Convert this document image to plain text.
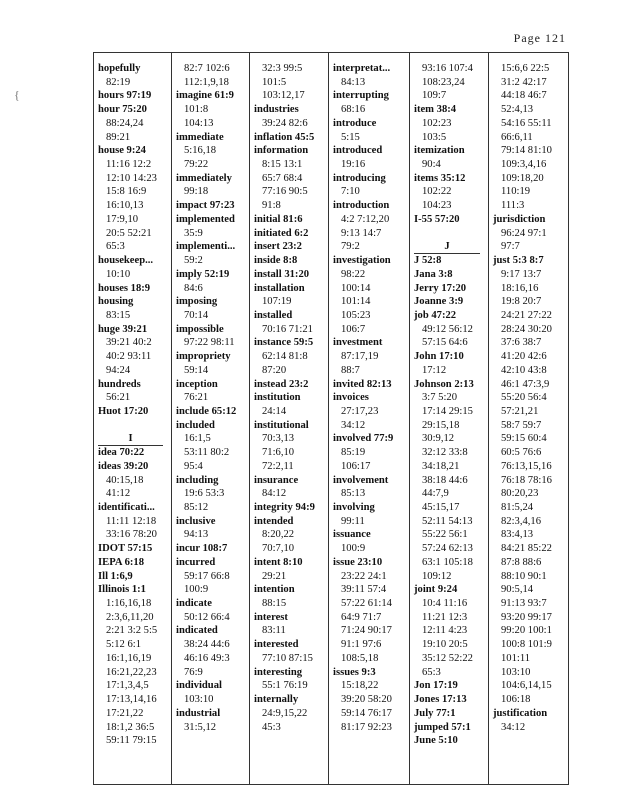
Page 121
{
hopefully
82:19
hours 97:19
hour 75:20
88:24,24
89:21
house 9:24
11:16 12:2
12:10 14:23
15:8 16:9
16:10,13
17:9,10
20:5 52:21
65:3
housekeep...
10:10
houses 18:9
housing
83:15
huge 39:21
39:21 40:2
40:2 93:11
94:24
hundreds
56:21
Huot 17:20
I
idea 70:22
ideas 39:20
40:15,18
41:12
identificati...
11:11 12:18
33:16 78:20
IDOT 57:15
IEPA 6:18
Ill 1:6,9
Illinois 1:1
1:16,16,18
2:3,6,11,20
2:21 3:2 5:5
5:12 6:1
16:1,16,19
16:21,22,23
17:1,3,4,5
17:13,14,16
17:21,22
18:1,2 36:5
59:11 79:15
82:7 102:6
112:1,9,18
imagine 61:9
101:8
104:13
immediate
5:16,18
79:22
immediately
99:18
impact 97:23
implemented
35:9
implementi...
59:2
imply 52:19
84:6
imposing
70:14
impossible
97:22 98:11
impropriety
59:14
inception
76:21
include 65:12
included
16:1,5
53:11 80:2
95:4
including
19:6 53:3
85:12
inclusive
94:13
incur 108:7
incurred
59:17 66:8
100:9
indicate
50:12 66:4
indicated
38:24 44:6
46:16 49:3
76:9
individual
103:10
industrial
31:5,12
32:3 99:5
101:5
103:12,17
industries
39:24 82:6
inflation 45:5
information
8:15 13:1
65:7 68:4
77:16 90:5
91:8
initial 81:6
initiated 6:2
insert 23:2
inside 8:8
install 31:20
installation
107:19
installed
70:16 71:21
instance 59:5
62:14 81:8
87:20
instead 23:2
institution
24:14
institutional
70:3,13
71:6,10
72:2,11
insurance
84:12
integrity 94:9
intended
8:20,22
70:7,10
intent 8:10
29:21
intention
88:15
interest
83:11
interested
77:10 87:15
interesting
55:1 76:19
internally
24:9,15,22
45:3
interpretat...
84:13
interrupting
68:16
introduce
5:15
introduced
19:16
introducing
7:10
introduction
4:2 7:12,20
9:13 14:7
79:2
investigation
98:22
100:14
101:14
105:23
106:7
investment
87:17,19
88:7
invited 82:13
invoices
27:17,23
34:12
involved 77:9
85:19
106:17
involvement
85:13
involving
99:11
issuance
100:9
issue 23:10
23:22 24:1
39:11 57:4
57:22 61:14
64:9 71:7
71:24 90:17
91:1 97:6
108:5,18
issues 9:3
15:18,22
39:20 58:20
59:14 76:17
81:17 92:23
93:16 107:4
108:23,24
109:7
item 38:4
102:23
103:5
itemization
90:4
items 35:12
102:22
104:23
I-55 57:20
J
J 52:8
Jana 3:8
Jerry 17:20
Joanne 3:9
job 47:22
49:12 56:12
57:15 64:6
John 17:10
17:12
Johnson 2:13
3:7 5:20
17:14 29:15
29:15,18
30:9,12
32:12 33:8
34:18,21
38:18 44:6
44:7,9
45:15,17
52:11 54:13
55:22 56:1
57:24 62:13
63:1 105:18
109:12
joint 9:24
10:4 11:16
11:21 12:3
12:11 4:23
19:10 20:5
35:12 52:22
65:3
Jon 17:19
Jones 17:13
July 77:1
jumped 57:1
June 5:10
15:6,6 22:5
31:2 42:17
44:18 46:7
52:4,13
54:16 55:11
66:6,11
79:14 81:10
109:3,4,16
109:18,20
110:19
111:3
jurisdiction
96:24 97:1
97:7
just 5:3 8:7
9:17 13:7
18:16,16
19:8 20:7
24:21 27:22
28:24 30:20
37:6 38:7
41:20 42:6
42:10 43:8
46:1 47:3,9
55:20 56:4
57:21,21
58:7 59:7
59:15 60:4
60:5 76:6
76:13,15,16
76:18 78:16
80:20,23
81:5,24
82:3,4,16
83:4,13
84:21 85:22
87:8 88:6
88:10 90:1
90:5,14
91:13 93:7
93:20 99:17
99:20 100:1
100:8 101:9
101:11
103:10
104:6,14,15
106:18
justification
34:12
